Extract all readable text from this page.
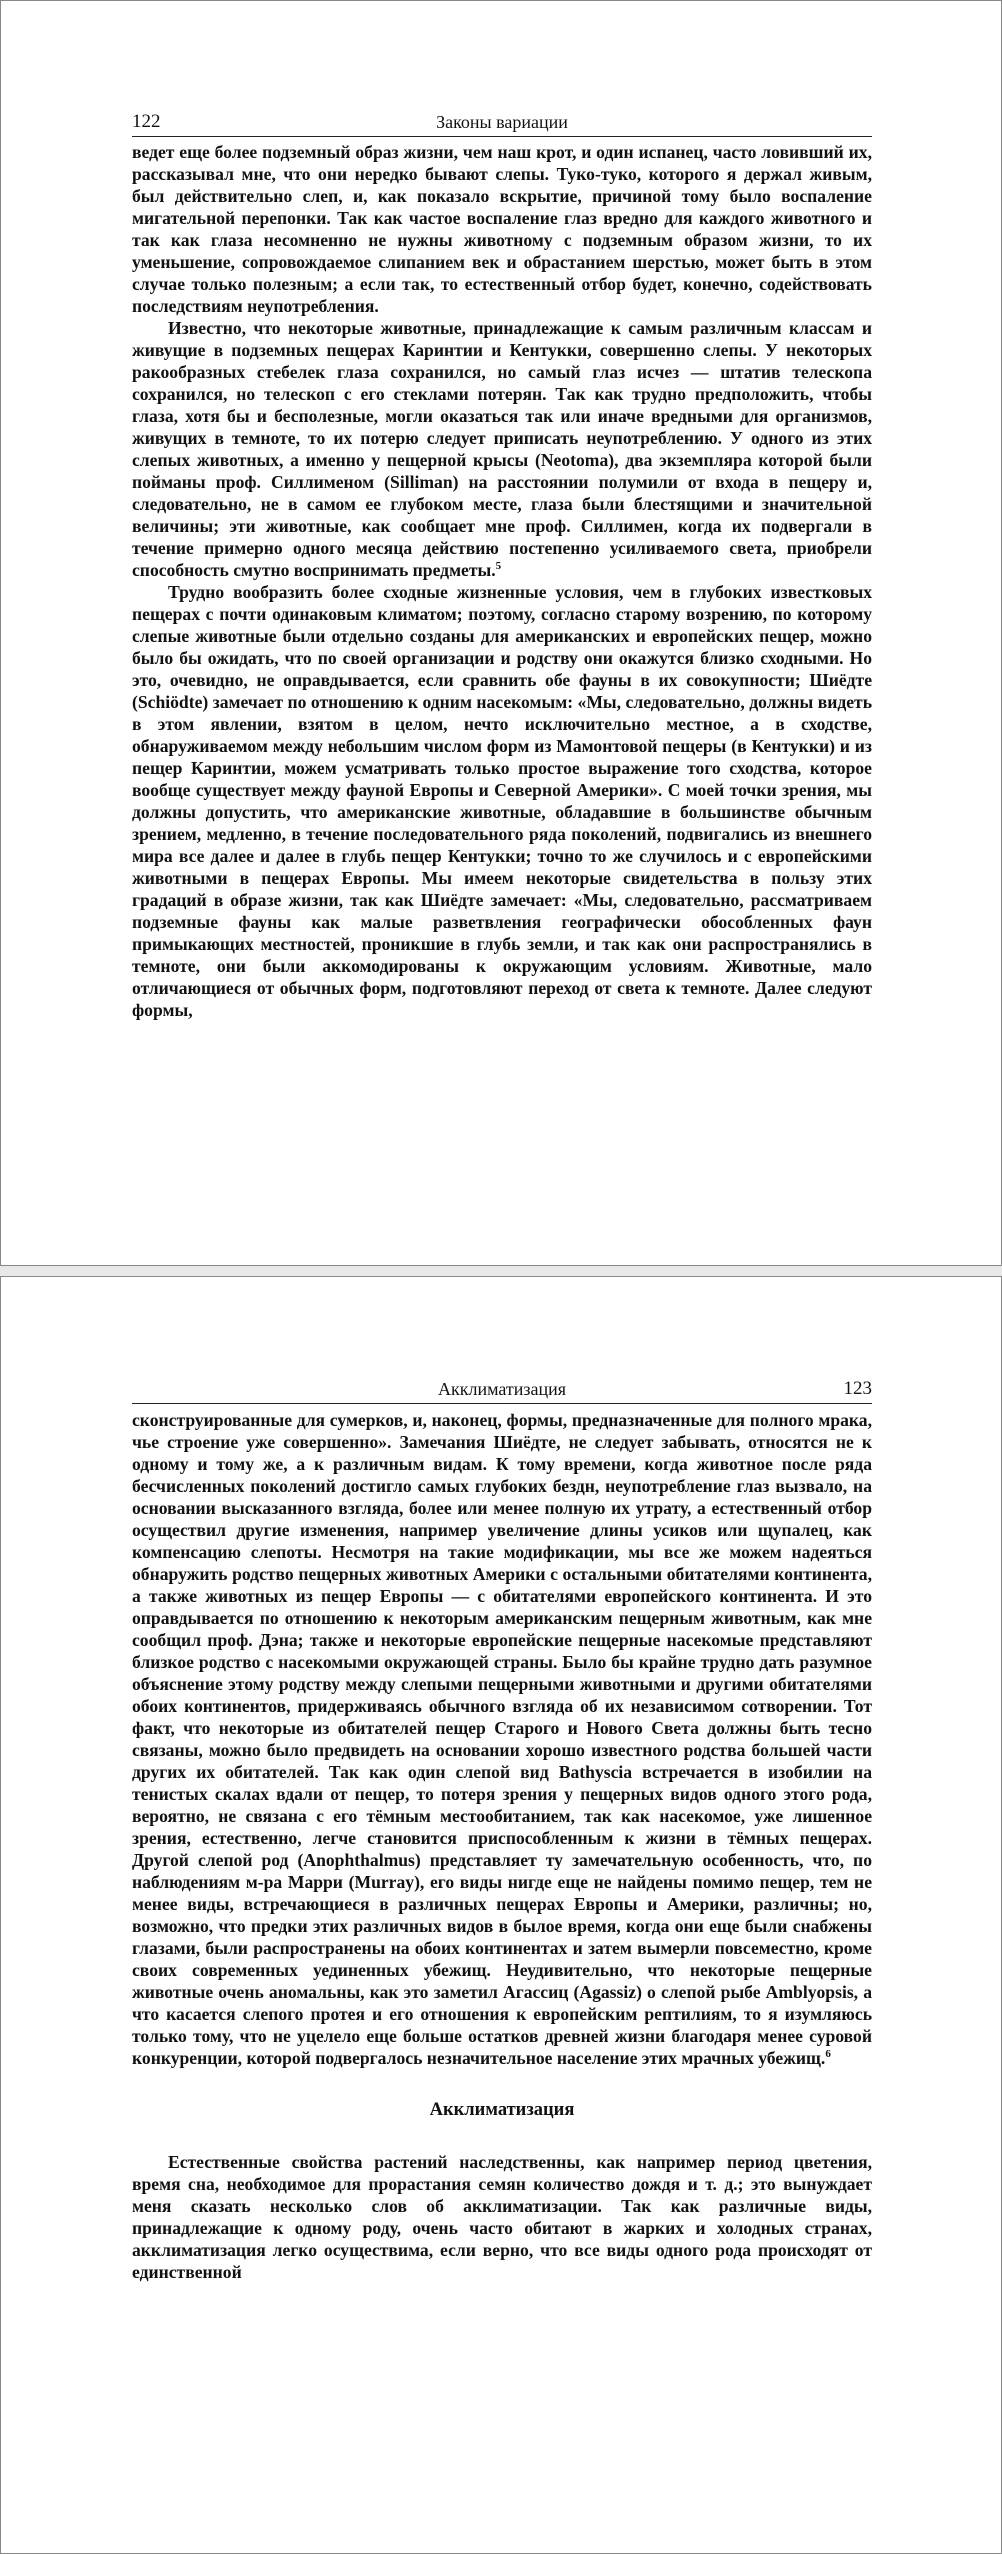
122	Законы вариации

ведет еще более подземный образ жизни, чем наш крот, и один испанец, часто ловивший их, рассказывал мне, что они нередко бывают слепы. Туко-туко, которого я держал живым, был действительно слеп, и, как показало вскрытие, причиной тому было воспаление мигательной перепонки. Так как частое воспаление глаз вредно для каждого животного и так как глаза несомненно не нужны животному с подземным образом жизни, то их уменьшение, сопровождаемое слипанием век и обрастанием шерстью, может быть в этом случае только полезным; а если так, то естественный отбор будет, конечно, содействовать последствиям неупотребления.

Известно, что некоторые животные, принадлежащие к самым различным классам и живущие в подземных пещерах Каринтии и Кентукки, совершенно слепы. У некоторых ракообразных стебелек глаза сохранился, но самый глаз исчез — штатив телескопа сохранился, но телескоп с его стеклами потерян. Так как трудно предположить, чтобы глаза, хотя бы и бесполезные, могли оказаться так или иначе вредными для организмов, живущих в темноте, то их потерю следует приписать неупотреблению. У одного из этих слепых животных, а именно у пещерной крысы (Neotoma), два экземпляра которой были пойманы проф. Силлименом (Silliman) на расстоянии полумили от входа в пещеру и, следовательно, не в самом ее глубоком месте, глаза были блестящими и значительной величины; эти животные, как сообщает мне проф. Силлимен, когда их подвергали в течение примерно одного месяца действию постепенно усиливаемого света, приобрели способность смутно воспринимать предметы.$^5$

Трудно вообразить более сходные жизненные условия, чем в глубоких известковых пещерах с почти одинаковым климатом; поэтому, согласно старому возрению, по которому слепые животные были отдельно созданы для американских и европейских пещер, можно было бы ожидать, что по своей организации и родству они окажутся близко сходными. Но это, очевидно, не оправдывается, если сравнить обе фауны в их совокупности; Шиёдте (Schiödte) замечает по отношению к одним насекомым: «Мы, следовательно, должны видеть в этом явлении, взятом в целом, нечто исключительно местное, а в сходстве, обнаруживаемом между небольшим числом форм из Мамонтовой пещеры (в Кентукки) и из пещер Каринтии, можем усматривать только простое выражение того сходства, которое вообще существует между фауной Европы и Северной Америки». С моей точки зрения, мы должны допустить, что американские животные, обладавшие в большинстве обычным зрением, медленно, в течение последовательного ряда поколений, подвигались из внешнего мира все далее и далее в глубь пещер Кентукки; точно то же случилось и с европейскими животными в пещерах Европы. Мы имеем некоторые свидетельства в пользу этих градаций в образе жизни, так как Шиёдте замечает: «Мы, следовательно, рассматриваем подземные фауны как малые разветвления географически обособленных фаун примыкающих местностей, проникшие в глубь земли, и так как они распространялись в темноте, они были аккомодированы к окружающим условиям. Животные, мало отличающиеся от обычных форм, подготовляют переход от света к темноте. Далее следуют формы,

Акклиматизация	123

сконструированные для сумерков, и, наконец, формы, предназначенные для полного мрака, чье строение уже совершенно». Замечания Шиёдте, не следует забывать, относятся не к одному и тому же, а к различным видам. К тому времени, когда животное после ряда бесчисленных поколений достигло самых глубоких бездн, неупотребление глаз вызвало, на основании высказанного взгляда, более или менее полную их утрату, а естественный отбор осуществил другие изменения, например увеличение длины усиков или щупалец, как компенсацию слепоты. Несмотря на такие модификации, мы все же можем надеяться обнаружить родство пещерных животных Америки с остальными обитателями континента, а также животных из пещер Европы — с обитателями европейского континента. И это оправдывается по отношению к некоторым американским пещерным животным, как мне сообщил проф. Дэна; также и некоторые европейские пещерные насекомые представляют близкое родство с насекомыми окружающей страны. Было бы крайне трудно дать разумное объяснение этому родству между слепыми пещерными животными и другими обитателями обоих континентов, придерживаясь обычного взгляда об их независимом сотворении. Тот факт, что некоторые из обитателей пещер Старого и Нового Света должны быть тесно связаны, можно было предвидеть на основании хорошо известного родства большей части других их обитателей. Так как один слепой вид Bathyscia встречается в изобилии на тенистых скалах вдали от пещер, то потеря зрения у пещерных видов одного этого рода, вероятно, не связана с его тёмным местообитанием, так как насекомое, уже лишенное зрения, естественно, легче становится приспособленным к жизни в тёмных пещерах. Другой слепой род (Anophthalmus) представляет ту замечательную особенность, что, по наблюдениям м-ра Марри (Murray), его виды нигде еще не найдены помимо пещер, тем не менее виды, встречающиеся в различных пещерах Европы и Америки, различны; но, возможно, что предки этих различных видов в былое время, когда они еще были снабжены глазами, были распространены на обоих континентах и затем вымерли повсеместно, кроме своих современных уединенных убежищ. Неудивительно, что некоторые пещерные животные очень аномальны, как это заметил Агассиц (Agassiz) о слепой рыбе Amblyopsis, а что касается слепого протея и его отношения к европейским рептилиям, то я изумляюсь только тому, что не уцелело еще больше остатков древней жизни благодаря менее суровой конкуренции, которой подвергалось незначительное население этих мрачных убежищ.$^6$

Акклиматизация

Естественные свойства растений наследственны, как например период цветения, время сна, необходимое для прорастания семян количество дождя и т. д.; это вынуждает меня сказать несколько слов об акклиматизации. Так как различные виды, принадлежащие к одному роду, очень часто обитают в жарких и холодных странах, акклиматизация легко осуществима, если верно, что все виды одного рода происходят от единственной
